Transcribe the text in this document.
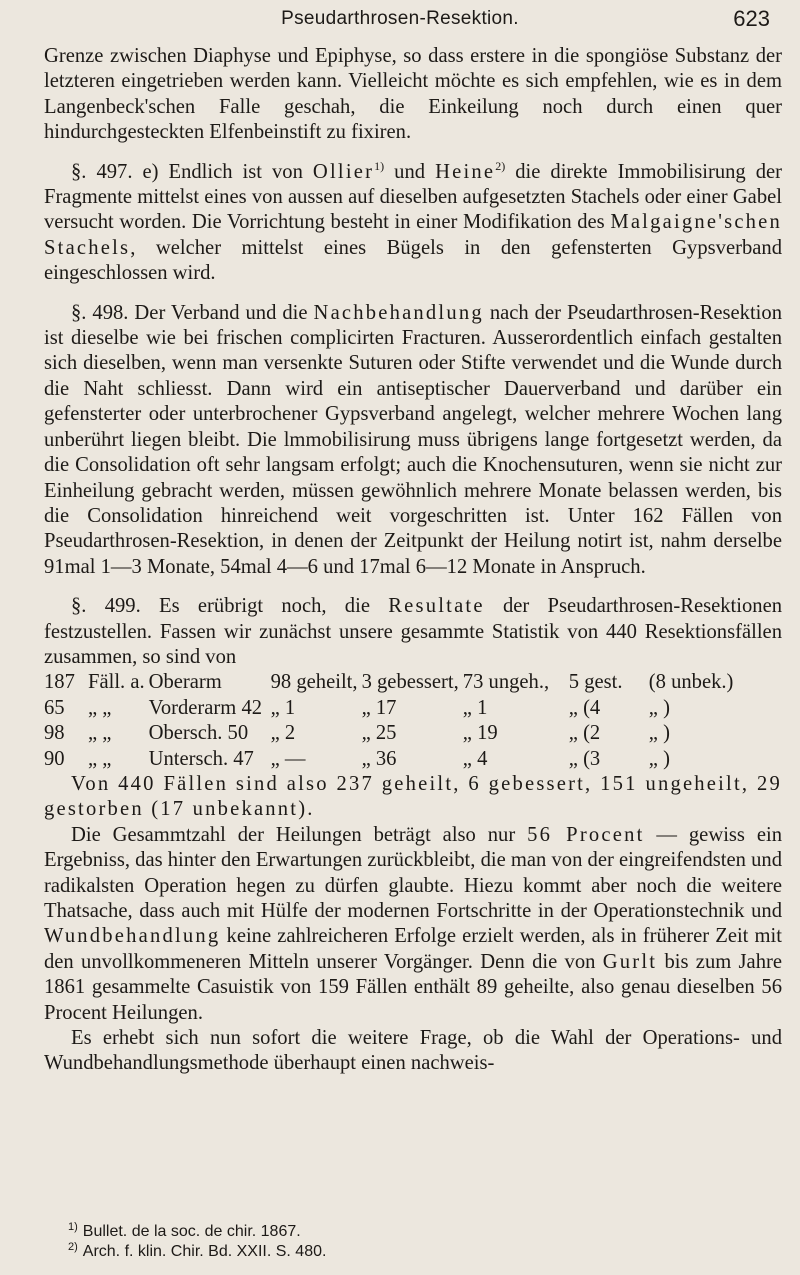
Pseudarthrosen-Resektion.	623

Grenze zwischen Diaphyse und Epiphyse, so dass erstere in die spongiöse Substanz der letzteren eingetrieben werden kann. Vielleicht möchte es sich empfehlen, wie es in dem Langenbeck'schen Falle geschah, die Einkeilung noch durch einen quer hindurchgesteckten Elfenbeinstift zu fixiren.

§. 497. e) Endlich ist von Ollier$^{1)}$ und Heine$^{2)}$ die direkte Immobilisirung der Fragmente mittelst eines von aussen auf dieselben aufgesetzten Stachels oder einer Gabel versucht worden. Die Vorrichtung besteht in einer Modifikation des Malgaigne'schen Stachels, welcher mittelst eines Bügels in den gefensterten Gypsverband eingeschlossen wird.

§. 498. Der Verband und die Nachbehandlung nach der Pseudarthrosen-Resektion ist dieselbe wie bei frischen complicirten Fracturen. Ausserordentlich einfach gestalten sich dieselben, wenn man versenkte Suturen oder Stifte verwendet und die Wunde durch die Naht schliesst. Dann wird ein antiseptischer Dauerverband und darüber ein gefensterter oder unterbrochener Gypsverband angelegt, welcher mehrere Wochen lang unberührt liegen bleibt. Die lmmobilisirung muss übrigens lange fortgesetzt werden, da die Consolidation oft sehr langsam erfolgt; auch die Knochensuturen, wenn sie nicht zur Einheilung gebracht werden, müssen gewöhnlich mehrere Monate belassen werden, bis die Consolidation hinreichend weit vorgeschritten ist. Unter 162 Fällen von Pseudarthrosen-Resektion, in denen der Zeitpunkt der Heilung notirt ist, nahm derselbe 91mal 1—3 Monate, 54mal 4—6 und 17mal 6—12 Monate in Anspruch.

§. 499. Es erübrigt noch, die Resultate der Pseudarthrosen-Resektionen festzustellen. Fassen wir zunächst unsere gesammte Statistik von 440 Resektionsfällen zusammen, so sind von

187	Fäll. a.	Oberarm	98 geheilt,	3 gebessert,	73 ungeh.,	5 gest.	(8 unbek.)
65	„ „	Vorderarm 42	„ 1	„ 17	„ 1	„ (4	„ )
98	„ „	Obersch. 50	„ 2	„ 25	„ 19	„ (2	„ )
90	„ „	Untersch. 47	„ —	„ 36	„ 4	„ (3	„ )

Von 440 Fällen sind also 237 geheilt, 6 gebessert, 151 ungeheilt, 29 gestorben (17 unbekannt).

Die Gesammtzahl der Heilungen beträgt also nur 56 Procent — gewiss ein Ergebniss, das hinter den Erwartungen zurückbleibt, die man von der eingreifendsten und radikalsten Operation hegen zu dürfen glaubte. Hiezu kommt aber noch die weitere Thatsache, dass auch mit Hülfe der modernen Fortschritte in der Operationstechnik und Wundbehandlung keine zahlreicheren Erfolge erzielt werden, als in früherer Zeit mit den unvollkommeneren Mitteln unserer Vorgänger. Denn die von Gurlt bis zum Jahre 1861 gesammelte Casuistik von 159 Fällen enthält 89 geheilte, also genau dieselben 56 Procent Heilungen.

Es erhebt sich nun sofort die weitere Frage, ob die Wahl der Operations- und Wundbehandlungsmethode überhaupt einen nachweis-

$^{1)}$ Bullet. de la soc. de chir. 1867.
$^{2)}$ Arch. f. klin. Chir. Bd. XXII. S. 480.
